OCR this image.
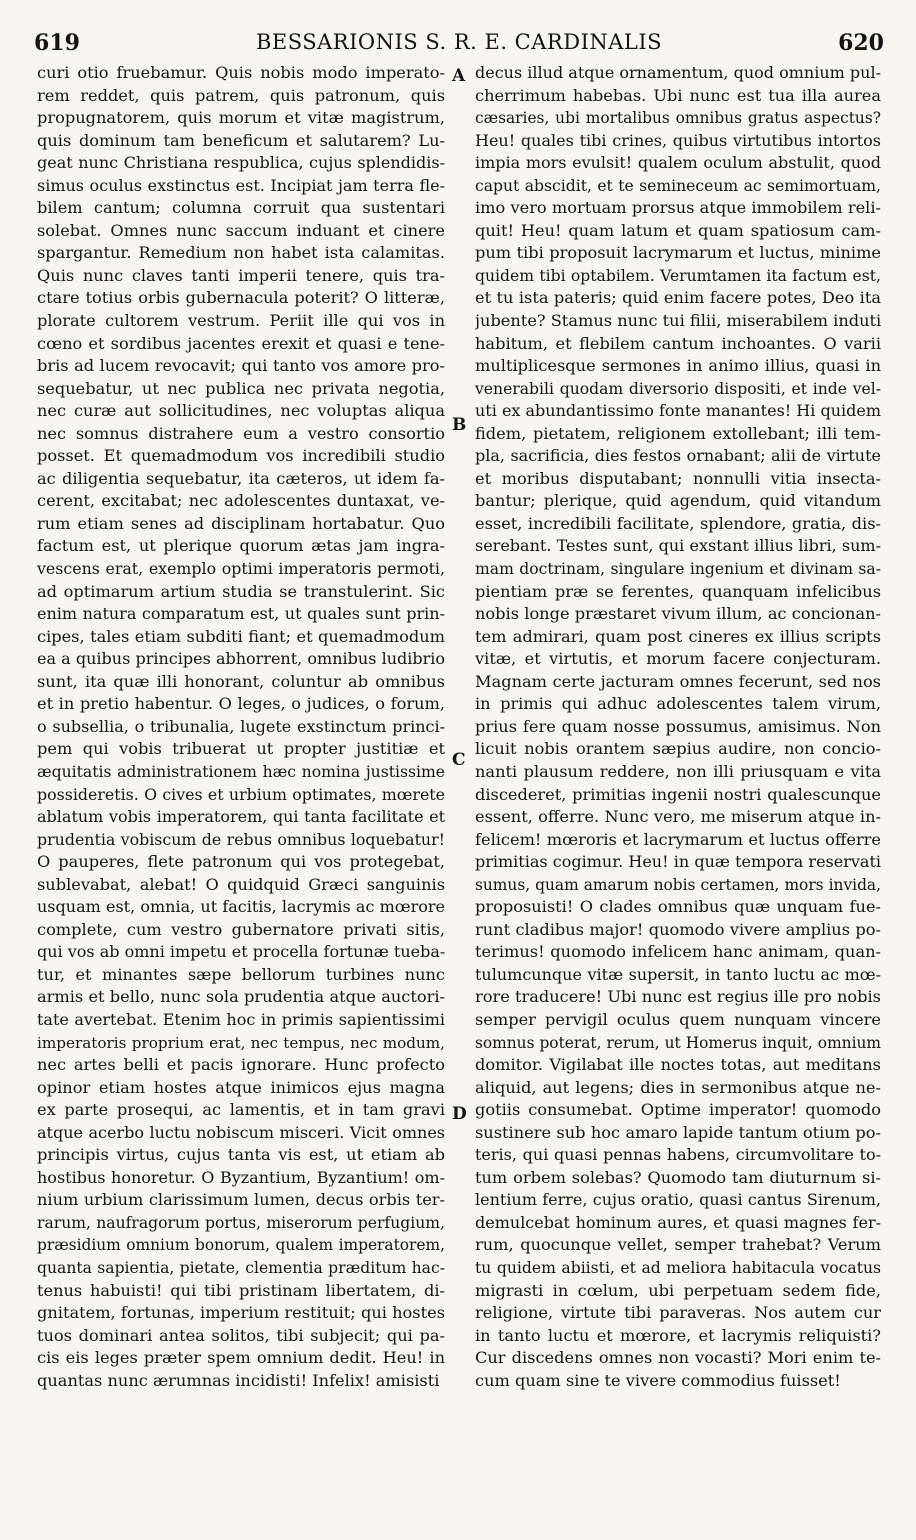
619	BESSARIONIS S. R. E. CARDINALIS	620
curi otio fruebamur. Quis nobis modo imperato-
rem reddet, quis patrem, quis patronum, quis
propugnatorem, quis morum et vitæ magistrum,
quis dominum tam beneficum et salutarem? Lu-
geat nunc Christiana respublica, cujus splendidis-
simus oculus exstinctus est. Incipiat jam terra fle-
bilem cantum; columna corruit qua sustentari
solebat. Omnes nunc saccum induant et cinere
spargantur. Remedium non habet ista calamitas.
Quis nunc claves tanti imperii tenere, quis tra-
ctare totius orbis gubernacula poterit? O litteræ,
plorate cultorem vestrum. Periit ille qui vos in
cœno et sordibus jacentes erexit et quasi e tene-
bris ad lucem revocavit; qui tanto vos amore pro-
sequebatur, ut nec publica nec privata negotia,
nec curæ aut sollicitudines, nec voluptas aliqua
nec somnus distrahere eum a vestro consortio
posset. Et quemadmodum vos incredibili studio
ac diligentia sequebatur, ita cæteros, ut idem fa-
cerent, excitabat; nec adolescentes duntaxat, ve-
rum etiam senes ad disciplinam hortabatur. Quo
factum est, ut plerique quorum ætas jam ingra-
vescens erat, exemplo optimi imperatoris permoti,
ad optimarum artium studia se transtulerint. Sic
enim natura comparatum est, ut quales sunt prin-
cipes, tales etiam subditi fiant; et quemadmodum
ea a quibus principes abhorrent, omnibus ludibrio
sunt, ita quæ illi honorant, coluntur ab omnibus
et in pretio habentur. O leges, o judices, o forum,
o subsellia, o tribunalia, lugete exstinctum princi-
pem qui vobis tribuerat ut propter justitiæ et
æquitatis administrationem hæc nomina justissime
possideretis. O cives et urbium optimates, mœrete
ablatum vobis imperatorem, qui tanta facilitate et
prudentia vobiscum de rebus omnibus loquebatur!
O pauperes, flete patronum qui vos protegebat,
sublevabat, alebat! O quidquid Græci sanguinis
usquam est, omnia, ut facitis, lacrymis ac mœrore
complete, cum vestro gubernatore privati sitis,
qui vos ab omni impetu et procella fortunæ tueba-
tur, et minantes sæpe bellorum turbines nunc
armis et bello, nunc sola prudentia atque auctori-
tate avertebat. Etenim hoc in primis sapientissimi
imperatoris proprium erat, nec tempus, nec modum,
nec artes belli et pacis ignorare. Hunc profecto
opinor etiam hostes atque inimicos ejus magna
ex parte prosequi, ac lamentis, et in tam gravi
atque acerbo luctu nobiscum misceri. Vicit omnes
principis virtus, cujus tanta vis est, ut etiam ab
hostibus honoretur. O Byzantium, Byzantium! om-
nium urbium clarissimum lumen, decus orbis ter-
rarum, naufragorum portus, miserorum perfugium,
præsidium omnium bonorum, qualem imperatorem,
quanta sapientia, pietate, clementia præditum hac-
tenus habuisti! qui tibi pristinam libertatem, di-
gnitatem, fortunas, imperium restituit; qui hostes
tuos dominari antea solitos, tibi subjecit; qui pa-
cis eis leges præter spem omnium dedit. Heu! in
quantas nunc ærumnas incidisti! Infelix! amisisti
decus illud atque ornamentum, quod omnium pul-
cherrimum habebas. Ubi nunc est tua illa aurea
cæsaries, ubi mortalibus omnibus gratus aspectus?
Heu! quales tibi crines, quibus virtutibus intortos
impia mors evulsit! qualem oculum abstulit, quod
caput abscidit, et te semineceum ac semimortuam,
imo vero mortuam prorsus atque immobilem reli-
quit! Heu! quam latum et quam spatiosum cam-
pum tibi proposuit lacrymarum et luctus, minime
quidem tibi optabilem. Verumtamen ita factum est,
et tu ista pateris; quid enim facere potes, Deo ita
jubente? Stamus nunc tui filii, miserabilem induti
habitum, et flebilem cantum inchoantes. O varii
multiplicesque sermones in animo illius, quasi in
venerabili quodam diversorio dispositi, et inde vel-
uti ex abundantissimo fonte manantes! Hi quidem
fidem, pietatem, religionem extollebant; illi tem-
pla, sacrificia, dies festos ornabant; alii de virtute
et moribus disputabant; nonnulli vitia insecta-
bantur; plerique, quid agendum, quid vitandum
esset, incredibili facilitate, splendore, gratia, dis-
serebant. Testes sunt, qui exstant illius libri, sum-
mam doctrinam, singulare ingenium et divinam sa-
pientiam præ se ferentes, quanquam infelicibus
nobis longe præstaret vivum illum, ac concionan-
tem admirari, quam post cineres ex illius scripts
vitæ, et virtutis, et morum facere conjecturam.
Magnam certe jacturam omnes fecerunt, sed nos
in primis qui adhuc adolescentes talem virum,
prius fere quam nosse possumus, amisimus. Non
licuit nobis orantem sæpius audire, non concio-
nanti plausum reddere, non illi priusquam e vita
discederet, primitias ingenii nostri qualescunque
essent, offerre. Nunc vero, me miserum atque in-
felicem! mœroris et lacrymarum et luctus offerre
primitias cogimur. Heu! in quæ tempora reservati
sumus, quam amarum nobis certamen, mors invida,
proposuisti! O clades omnibus quæ unquam fue-
runt cladibus major! quomodo vivere amplius po-
terimus! quomodo infelicem hanc animam, quan-
tulumcunque vitæ supersit, in tanto luctu ac mœ-
rore traducere! Ubi nunc est regius ille pro nobis
semper pervigil oculus quem nunquam vincere
somnus poterat, rerum, ut Homerus inquit, omnium
domitor. Vigilabat ille noctes totas, aut meditans
aliquid, aut legens; dies in sermonibus atque ne-
gotiis consumebat. Optime imperator! quomodo
sustinere sub hoc amaro lapide tantum otium po-
teris, qui quasi pennas habens, circumvolitare to-
tum orbem solebas? Quomodo tam diuturnum si-
lentium ferre, cujus oratio, quasi cantus Sirenum,
demulcebat hominum aures, et quasi magnes fer-
rum, quocunque vellet, semper trahebat? Verum
tu quidem abiisti, et ad meliora habitacula vocatus
migrasti in cœlum, ubi perpetuam sedem fide,
religione, virtute tibi paraveras. Nos autem cur
in tanto luctu et mœrore, et lacrymis reliquisti?
Cur discedens omnes non vocasti? Mori enim te-
cum quam sine te vivere commodius fuisset!
A
B
C
D
